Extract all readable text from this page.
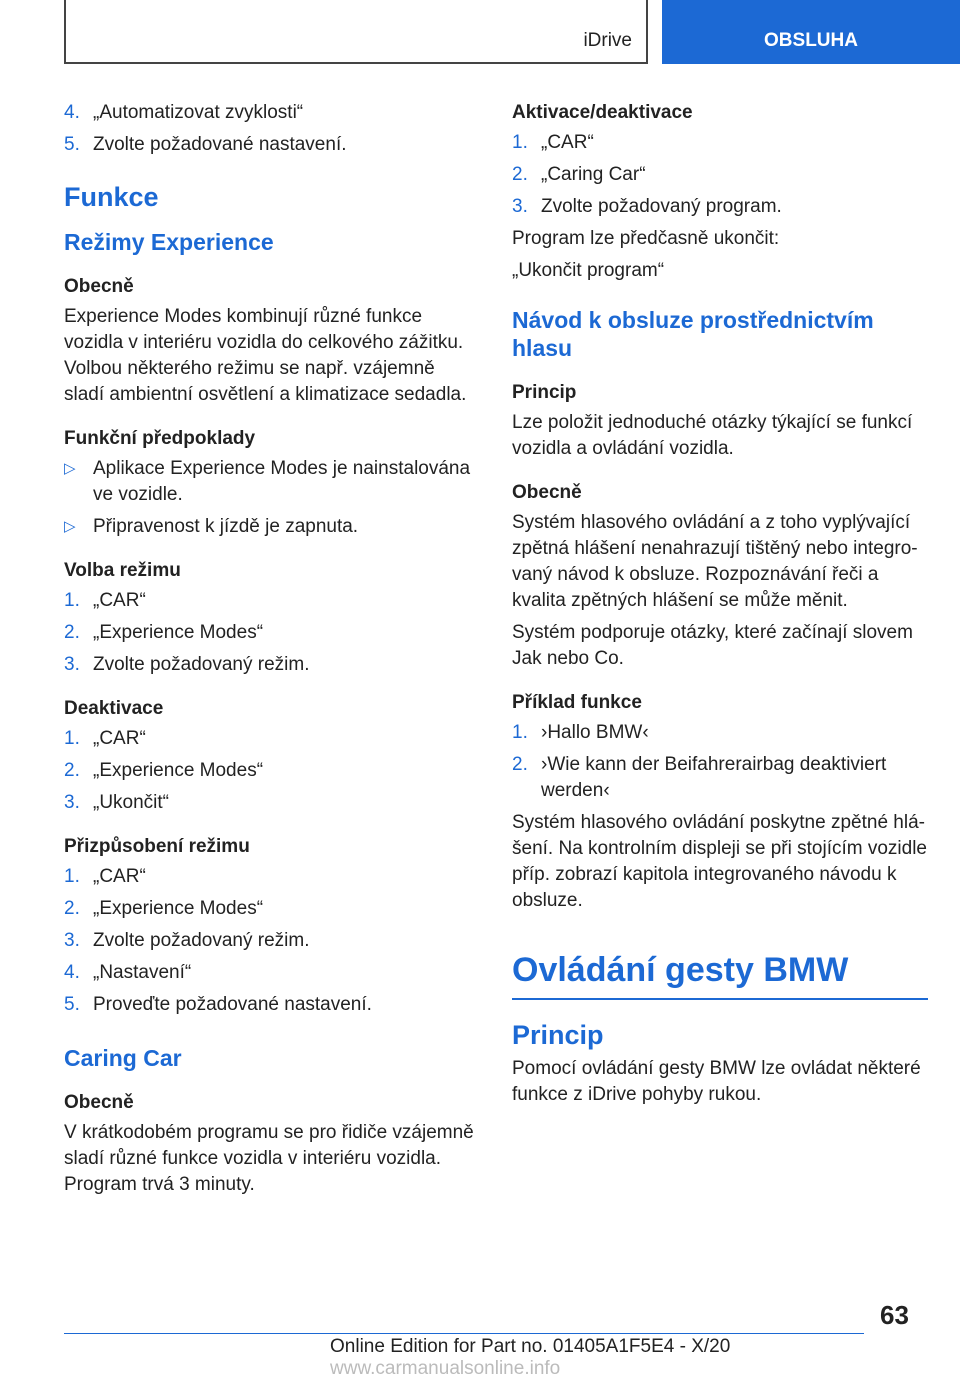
iDrive	OBSLUHA
4. „Automatizovat zvyklosti“
5. Zvolte požadované nastavení.
Funkce
Režimy Experience
Obecně
Experience Modes kombinují různé funkce vozidla v interiéru vozidla do celkového zážitku. Volbou některého režimu se např. vzájemně sladí ambientní osvětlení a klimatizace sedadla.
Funkční předpoklady
▷ Aplikace Experience Modes je nainstalována ve vozidle.
▷ Připravenost k jízdě je zapnuta.
Volba režimu
1. „CAR“
2. „Experience Modes“
3. Zvolte požadovaný režim.
Deaktivace
1. „CAR“
2. „Experience Modes“
3. „Ukončit“
Přizpůsobení režimu
1. „CAR“
2. „Experience Modes“
3. Zvolte požadovaný režim.
4. „Nastavení“
5. Proveďte požadované nastavení.
Caring Car
Obecně
V krátkodobém programu se pro řidiče vzájemně sladí různé funkce vozidla v interiéru vozidla. Program trvá 3 minuty.
Aktivace/deaktivace
1. „CAR“
2. „Caring Car“
3. Zvolte požadovaný program.
Program lze předčasně ukončit:
„Ukončit program“
Návod k obsluze prostřednictvím hlasu
Princip
Lze položit jednoduché otázky týkající se funkcí vozidla a ovládání vozidla.
Obecně
Systém hlasového ovládání a z toho vyplývající zpětná hlášení nenahrazují tištěný nebo integrovaný návod k obsluze. Rozpoznávání řeči a kvalita zpětných hlášení se může měnit.
Systém podporuje otázky, které začínají slovem Jak nebo Co.
Příklad funkce
1. ›Hallo BMW‹
2. ›Wie kann der Beifahrerairbag deaktiviert werden‹
Systém hlasového ovládání poskytne zpětné hlášení. Na kontrolním displeji se při stojícím vozidle příp. zobrazí kapitola integrovaného návodu k obsluze.
Ovládání gesty BMW
Princip
Pomocí ovládání gesty BMW lze ovládat některé funkce z iDrive pohyby rukou.
63
Online Edition for Part no. 01405A1F5E4 - X/20 www.carmanualsonline.info
